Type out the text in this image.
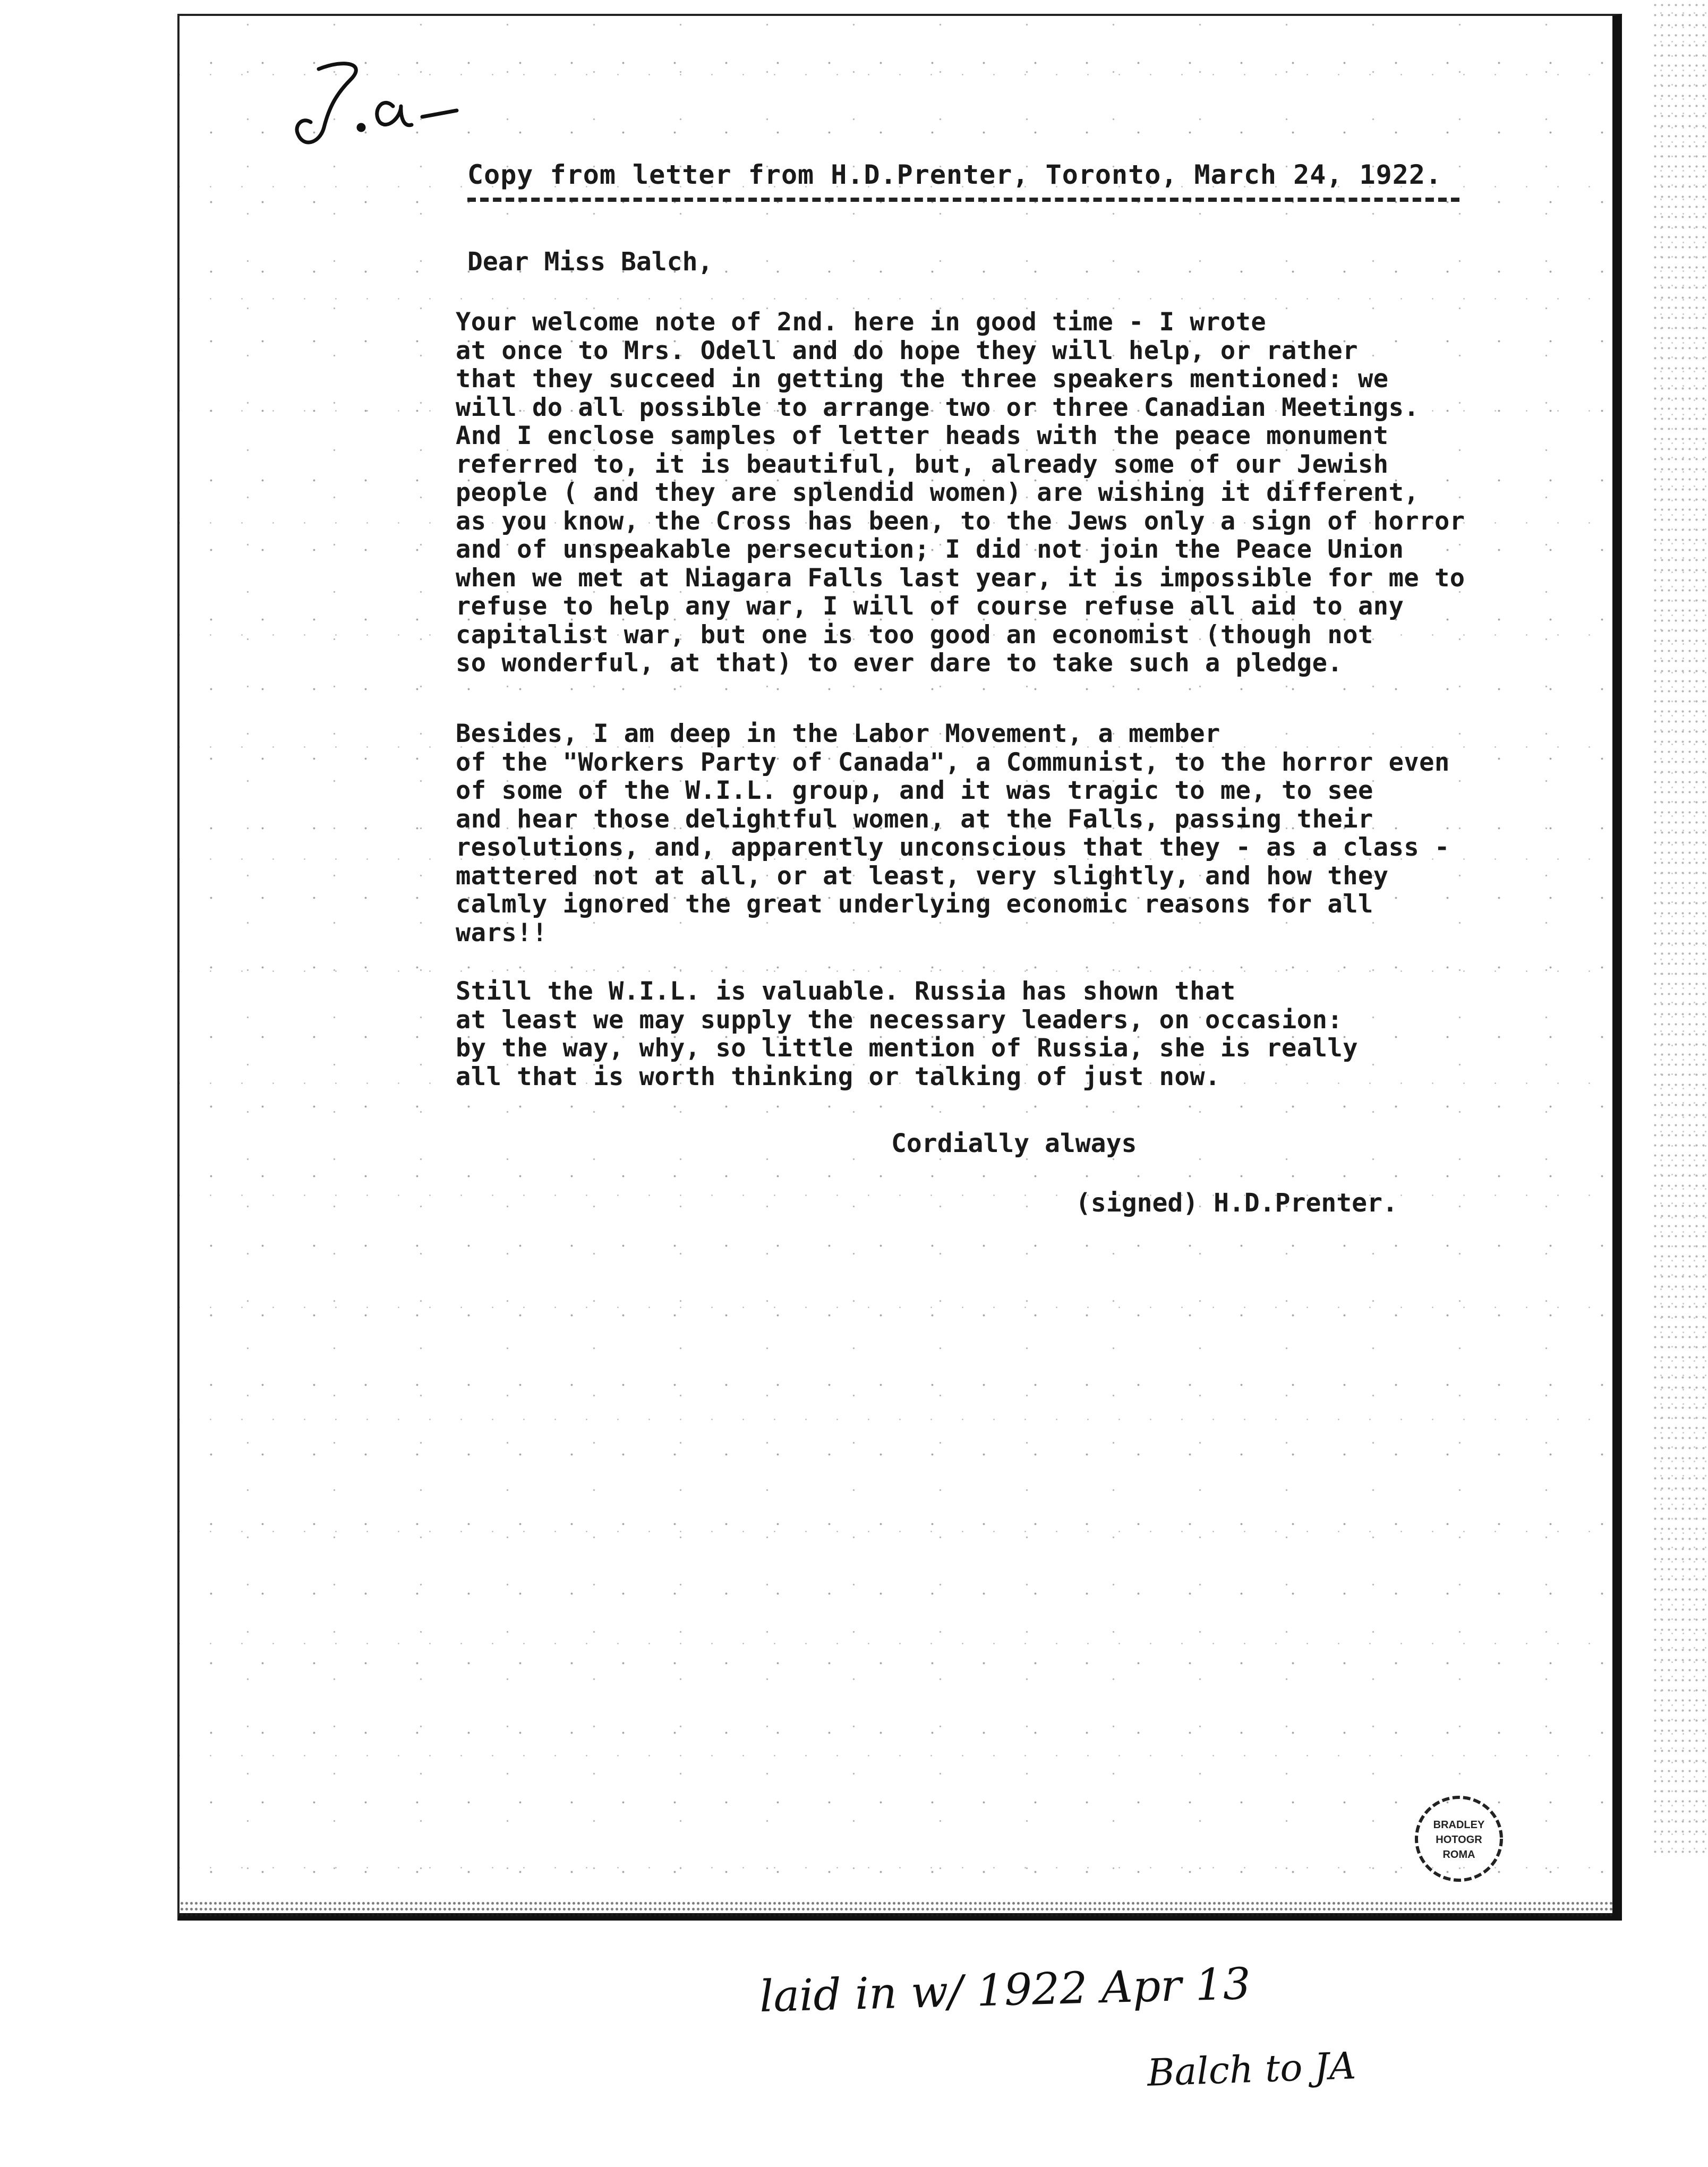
Copy from letter from H.D.Prenter, Toronto, March 24, 1922.
Dear Miss Balch,
Your welcome note of 2nd. here in good time - I wrote
at once to Mrs. Odell and do hope they will help, or rather
that they succeed in getting the three speakers mentioned: we
will do all possible to arrange two or three Canadian Meetings.
And I enclose samples of letter heads with the peace monument
referred to, it is beautiful, but, already some of our Jewish
people ( and they are splendid women) are wishing it different,
as you know, the Cross has been, to the Jews only a sign of horror
and of unspeakable persecution; I did not join the Peace Union
when we met at Niagara Falls last year, it is impossible for me to
refuse to help any war, I will of course refuse all aid to any
capitalist war, but one is too good an economist (though not
so wonderful, at that) to ever dare to take such a pledge.
Besides, I am deep in the Labor Movement, a member
of the "Workers Party of Canada", a Communist, to the horror even
of some of the W.I.L. group, and it was tragic to me, to see
and hear those delightful women, at the Falls, passing their
resolutions, and, apparently unconscious that they - as a class -
mattered not at all, or at least, very slightly, and how they
calmly ignored the great underlying economic reasons for all
wars!!
Still the W.I.L. is valuable. Russia has shown that
at least we may supply the necessary leaders, on occasion:
by the way, why, so little mention of Russia, she is really
all that is worth thinking or talking of just now.
Cordially always
(signed) H.D.Prenter.
BRADLEY
HOTOGR
ROMA
laid in w/ 1922 Apr 13
Balch to JA
